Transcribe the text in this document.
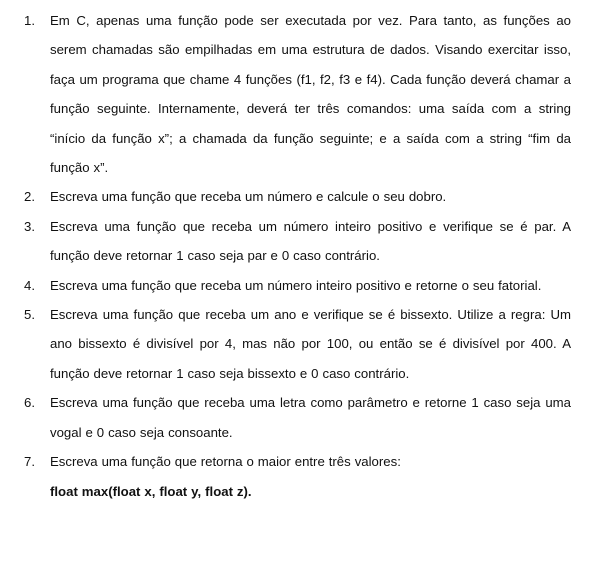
1.	Em C, apenas uma função pode ser executada por vez. Para tanto, as funções ao serem chamadas são empilhadas em uma estrutura de dados. Visando exercitar isso, faça um programa que chame 4 funções (f1, f2, f3 e f4). Cada função deverá chamar a função seguinte. Internamente, deverá ter três comandos: uma saída com a string “início da função x”; a chamada da função seguinte; e a saída com a string “fim da função x”.
2.	Escreva uma função que receba um número e calcule o seu dobro.
3.	Escreva uma função que receba um número inteiro positivo e verifique se é par. A função deve retornar 1 caso seja par e 0 caso contrário.
4.	Escreva uma função que receba um número inteiro positivo e retorne o seu fatorial.
5.	Escreva uma função que receba um ano e verifique se é bissexto. Utilize a regra: Um ano bissexto é divisível por 4, mas não por 100, ou então se é divisível por 400. A função deve retornar 1 caso seja bissexto e 0 caso contrário.
6.	Escreva uma função que receba uma letra como parâmetro e retorne 1 caso seja uma vogal e 0 caso seja consoante.
7.	Escreva uma função que retorna o maior entre três valores:
float max(float x, float y, float z).
